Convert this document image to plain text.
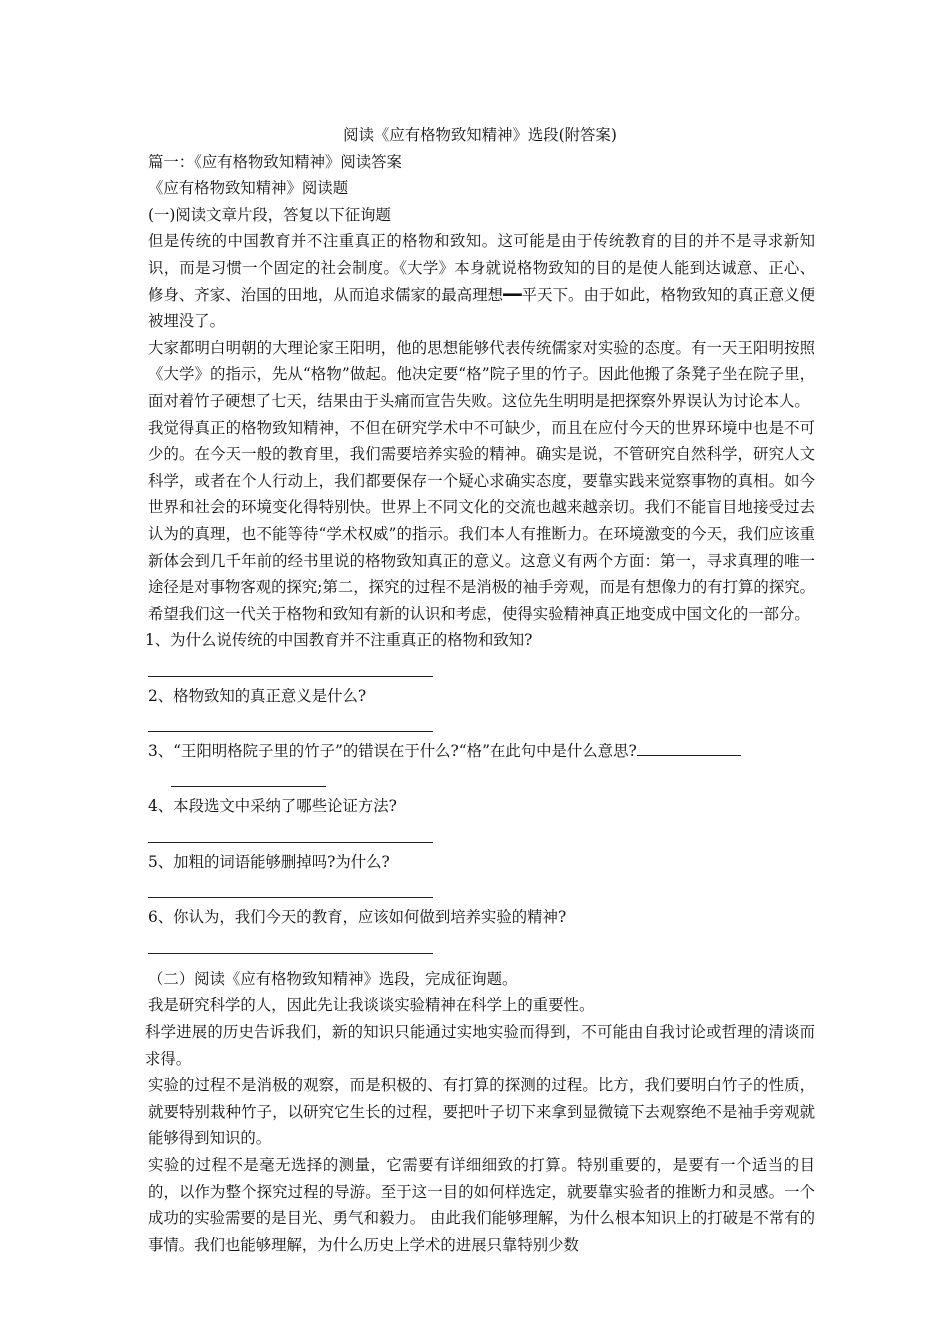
阅读《应有格物致知精神》选段(附答案)

篇一：《应有格物致知精神》阅读答案

《应有格物致知精神》阅读题

(一)阅读文章片段，答复以下征询题

但是传统的中国教育并不注重真正的格物和致知。这可能是由于传统教育的目的并不是寻求新知识，而是习惯一个固定的社会制度。《大学》本身就说格物致知的目的是使人能到达诚意、正心、修身、齐家、治国的田地，从而追求儒家的最高理想━━平天下。由于如此，格物致知的真正意义便被埋没了。

大家都明白明朝的大理论家王阳明，他的思想能够代表传统儒家对实验的态度。有一天王阳明按照《大学》的指示，先从“格物”做起。他决定要“格”院子里的竹子。因此他搬了条凳子坐在院子里，面对着竹子硬想了七天，结果由于头痛而宣告失败。这位先生明明是把探察外界误认为讨论本人。

我觉得真正的格物致知精神，不但在研究学术中不可缺少，而且在应付今天的世界环境中也是不可少的。在今天一般的教育里，我们需要培养实验的精神。确实是说，不管研究自然科学，研究人文科学，或者在个人行动上，我们都要保存一个疑心求确实态度，要靠实践来觉察事物的真相。如今世界和社会的环境变化得特别快。世界上不同文化的交流也越来越亲切。我们不能盲目地接受过去认为的真理，也不能等待“学术权威”的指示。我们本人有推断力。在环境激变的今天，我们应该重新体会到几千年前的经书里说的格物致知真正的意义。这意义有两个方面：第一，寻求真理的唯一途径是对事物客观的探究;第二，探究的过程不是消极的袖手旁观，而是有想像力的有打算的探究。希望我们这一代关于格物和致知有新的认识和考虑，使得实验精神真正地变成中国文化的一部分。

1、为什么说传统的中国教育并不注重真正的格物和致知?

2、格物致知的真正意义是什么?

3、“王阳明格院子里的竹子”的错误在于什么?“格”在此句中是什么意思?

4、本段选文中采纳了哪些论证方法?

5、加粗的词语能够删掉吗?为什么?

6、你认为，我们今天的教育，应该如何做到培养实验的精神?

（二）阅读《应有格物致知精神》选段，完成征询题。

我是研究科学的人，因此先让我谈谈实验精神在科学上的重要性。

科学进展的历史告诉我们，新的知识只能通过实地实验而得到，不可能由自我讨论或哲理的清谈而求得。

实验的过程不是消极的观察，而是积极的、有打算的探测的过程。比方，我们要明白竹子的性质，就要特别栽种竹子，以研究它生长的过程，要把叶子切下来拿到显微镜下去观察绝不是袖手旁观就能够得到知识的。

实验的过程不是毫无选择的测量，它需要有详细细致的打算。特别重要的，是要有一个适当的目的，以作为整个探究过程的导游。至于这一目的如何样选定，就要靠实验者的推断力和灵感。一个成功的实验需要的是目光、勇气和毅力。 由此我们能够理解，为什么根本知识上的打破是不常有的事情。我们也能够理解，为什么历史上学术的进展只靠特别少数
